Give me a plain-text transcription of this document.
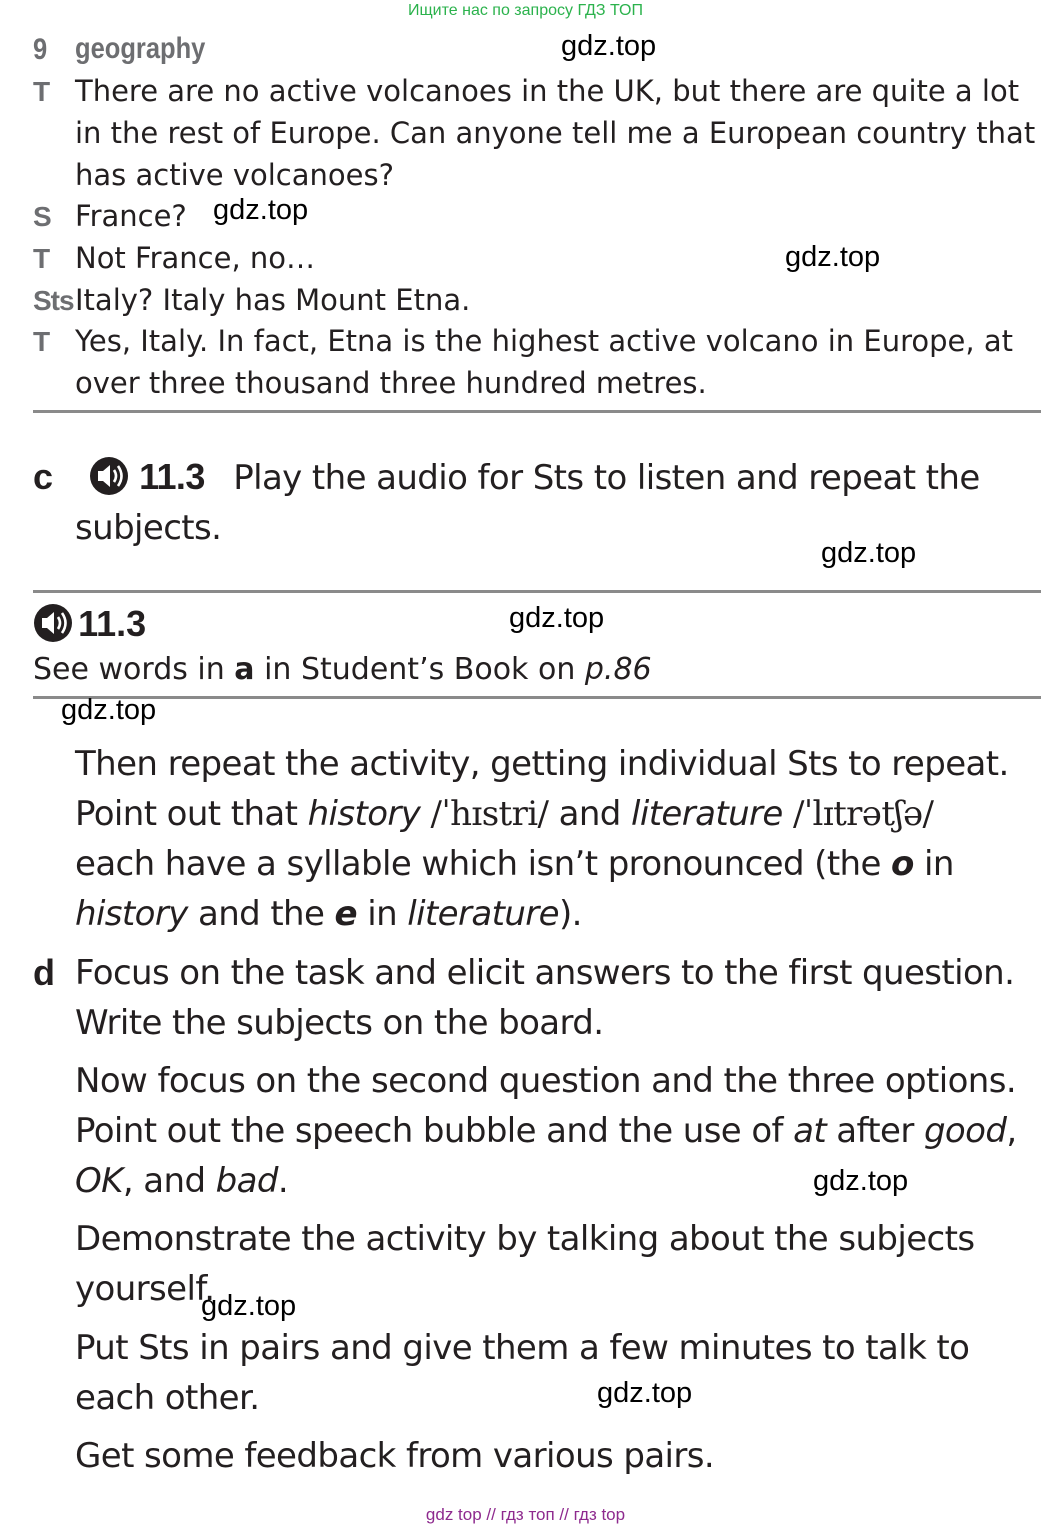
Ищите нас по запросу ГДЗ ТОП
9 geography
T There are no active volcanoes in the UK, but there are quite a lot
in the rest of Europe. Can anyone tell me a European country that
has active volcanoes?
S France?
T Not France, no…
Sts Italy? Italy has Mount Etna.
T Yes, Italy. In fact, Etna is the highest active volcano in Europe, at
over three thousand three hundred metres.
c 11.3 Play the audio for Sts to listen and repeat the
subjects.
11.3
See words in a in Student’s Book on p.86
Then repeat the activity, getting individual Sts to repeat.
Point out that history /ˈhɪstri/ and literature /ˈlɪtrətʃə/
each have a syllable which isn’t pronounced (the o in
history and the e in literature).
d Focus on the task and elicit answers to the first question.
Write the subjects on the board.
Now focus on the second question and the three options.
Point out the speech bubble and the use of at after good,
OK, and bad.
Demonstrate the activity by talking about the subjects
yourself.
Put Sts in pairs and give them a few minutes to talk to
each other.
Get some feedback from various pairs.
gdz.top
gdz.top
gdz.top
gdz.top
gdz.top
gdz.top
gdz.top
gdz.top
gdz.top
gdz top // гдз топ // гдз top
